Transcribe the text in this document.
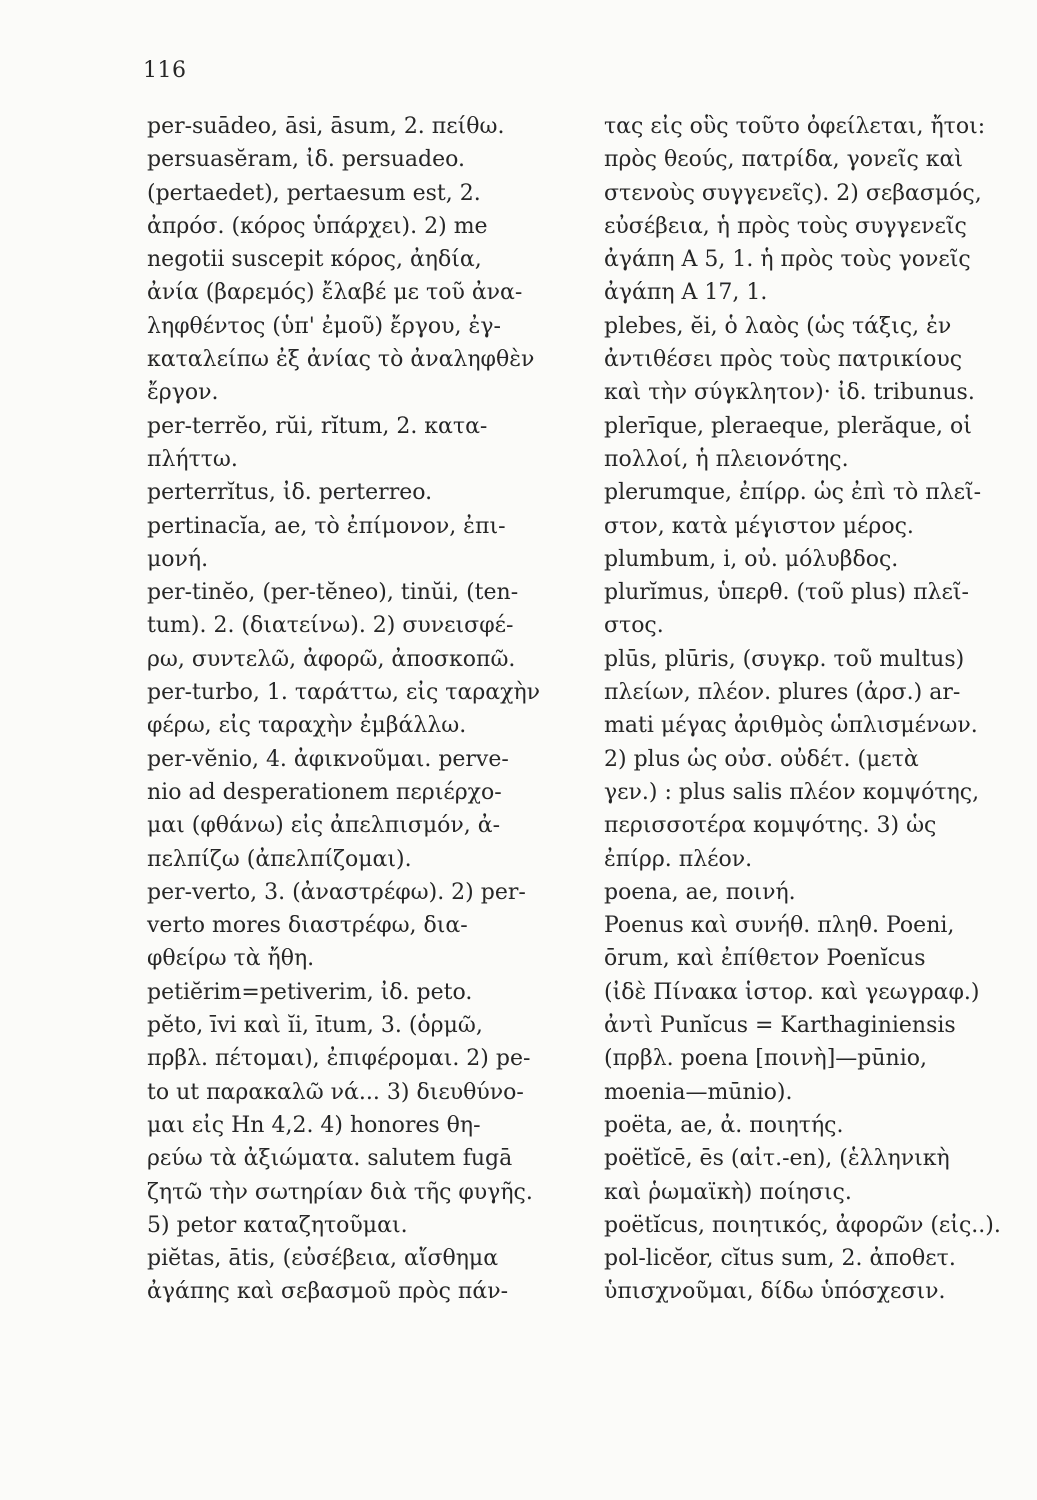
116

per-suādeo, āsi, āsum, 2. πείθω.

persuasĕram, ἰδ. persuadeo.

(pertaedet), pertaesum est, 2.
ἀπρόσ. (κόρος ὑπάρχει). 2) me
negotii suscepit κόρος, ἀηδία,
ἀνία (βαρεμός) ἔλαβέ με τοῦ ἀνα-
ληφθέντος (ὑπ' ἐμοῦ) ἔργου, ἐγ-
καταλείπω ἐξ ἀνίας τὸ ἀναληφθὲν
ἔργον.

per-terrĕo, rŭi, rĭtum, 2. κατα-
πλήττω.

perterrĭtus, ἰδ. perterreo.

pertinacĭa, ae, τὸ ἐπίμονον, ἐπι-
μονή.

per-tinĕo, (per-tĕneo), tinŭi, (ten-
tum). 2. (διατείνω). 2) συνεισφέ-
ρω, συντελῶ, ἀφορῶ, ἀποσκοπῶ.

per-turbo, 1. ταράττω, εἰς ταραχὴν
φέρω, εἰς ταραχὴν ἐμβάλλω.

per-vĕnio, 4. ἀφικνοῦμαι. perve-
nio ad desperationem περιέρχο-
μαι (φθάνω) εἰς ἀπελπισμόν, ἀ-
πελπίζω (ἀπελπίζομαι).

per-verto, 3. (ἀναστρέφω). 2) per-
verto mores διαστρέφω, δια-
φθείρω τὰ ἤθη.

petiĕrim=petiverim, ἰδ. peto.

pĕto, īvi καὶ ĭi, ītum, 3. (ὁρμῶ,
πρβλ. πέτομαι), ἐπιφέρομαι. 2) pe-
to ut παρακαλῶ νά... 3) διευθύνο-
μαι εἰς Hn 4,2. 4) honores θη-
ρεύω τὰ ἀξιώματα. salutem fugā
ζητῶ τὴν σωτηρίαν διὰ τῆς φυγῆς.
5) petor καταζητοῦμαι.

piĕtas, ātis, (εὐσέβεια, αἴσθημα
ἀγάπης καὶ σεβασμοῦ πρὸς πάν-

τας εἰς οὓς τοῦτο ὀφείλεται, ἤτοι:
πρὸς θεούς, πατρίδα, γονεῖς καὶ
στενοὺς συγγενεῖς). 2) σεβασμός,
εὐσέβεια, ἡ πρὸς τοὺς συγγενεῖς
ἀγάπη A 5, 1. ἡ πρὸς τοὺς γονεῖς
ἀγάπη A 17, 1.

plebes, ĕi, ὁ λαὸς (ὡς τάξις, ἐν
ἀντιθέσει πρὸς τοὺς πατρικίους
καὶ τὴν σύγκλητον)· ἰδ. tribunus.

plerīque, pleraeque, plerăque, οἱ
πολλοί, ἡ πλειονότης.

plerumque, ἐπίρρ. ὡς ἐπὶ τὸ πλεῖ-
στον, κατὰ μέγιστον μέρος.

plumbum, i, οὐ. μόλυβδος.

plurĭmus, ὑπερθ. (τοῦ plus) πλεῖ-
στος.

plūs, plūris, (συγκρ. τοῦ multus)
πλείων, πλέον. plures (ἀρσ.) ar-
mati μέγας ἀριθμὸς ὡπλισμένων.
2) plus ὡς οὐσ. οὐδέτ. (μετὰ
γεν.) : plus salis πλέον κομψότης,
περισσοτέρα κομψότης. 3) ὡς
ἐπίρρ. πλέον.

poena, ae, ποινή.

Poenus καὶ συνήθ. πληθ. Poeni,
ōrum, καὶ ἐπίθετον Poenĭcus
(ἰδὲ Πίνακα ἱστορ. καὶ γεωγραφ.)
ἀντὶ Punĭcus = Karthaginiensis
(πρβλ. poena [ποινὴ]—pūnio,
moenia—mūnio).

poëta, ae, ἀ. ποιητής.

poëtĭcē, ēs (αἰτ.-en), (ἑλληνικὴ
καὶ ῥωμαϊκὴ) ποίησις.

poëtĭcus, ποιητικός, ἀφορῶν (εἰς..).

pol-licĕor, cĭtus sum, 2. ἀποθετ.
ὑπισχνοῦμαι, δίδω ὑπόσχεσιν.
